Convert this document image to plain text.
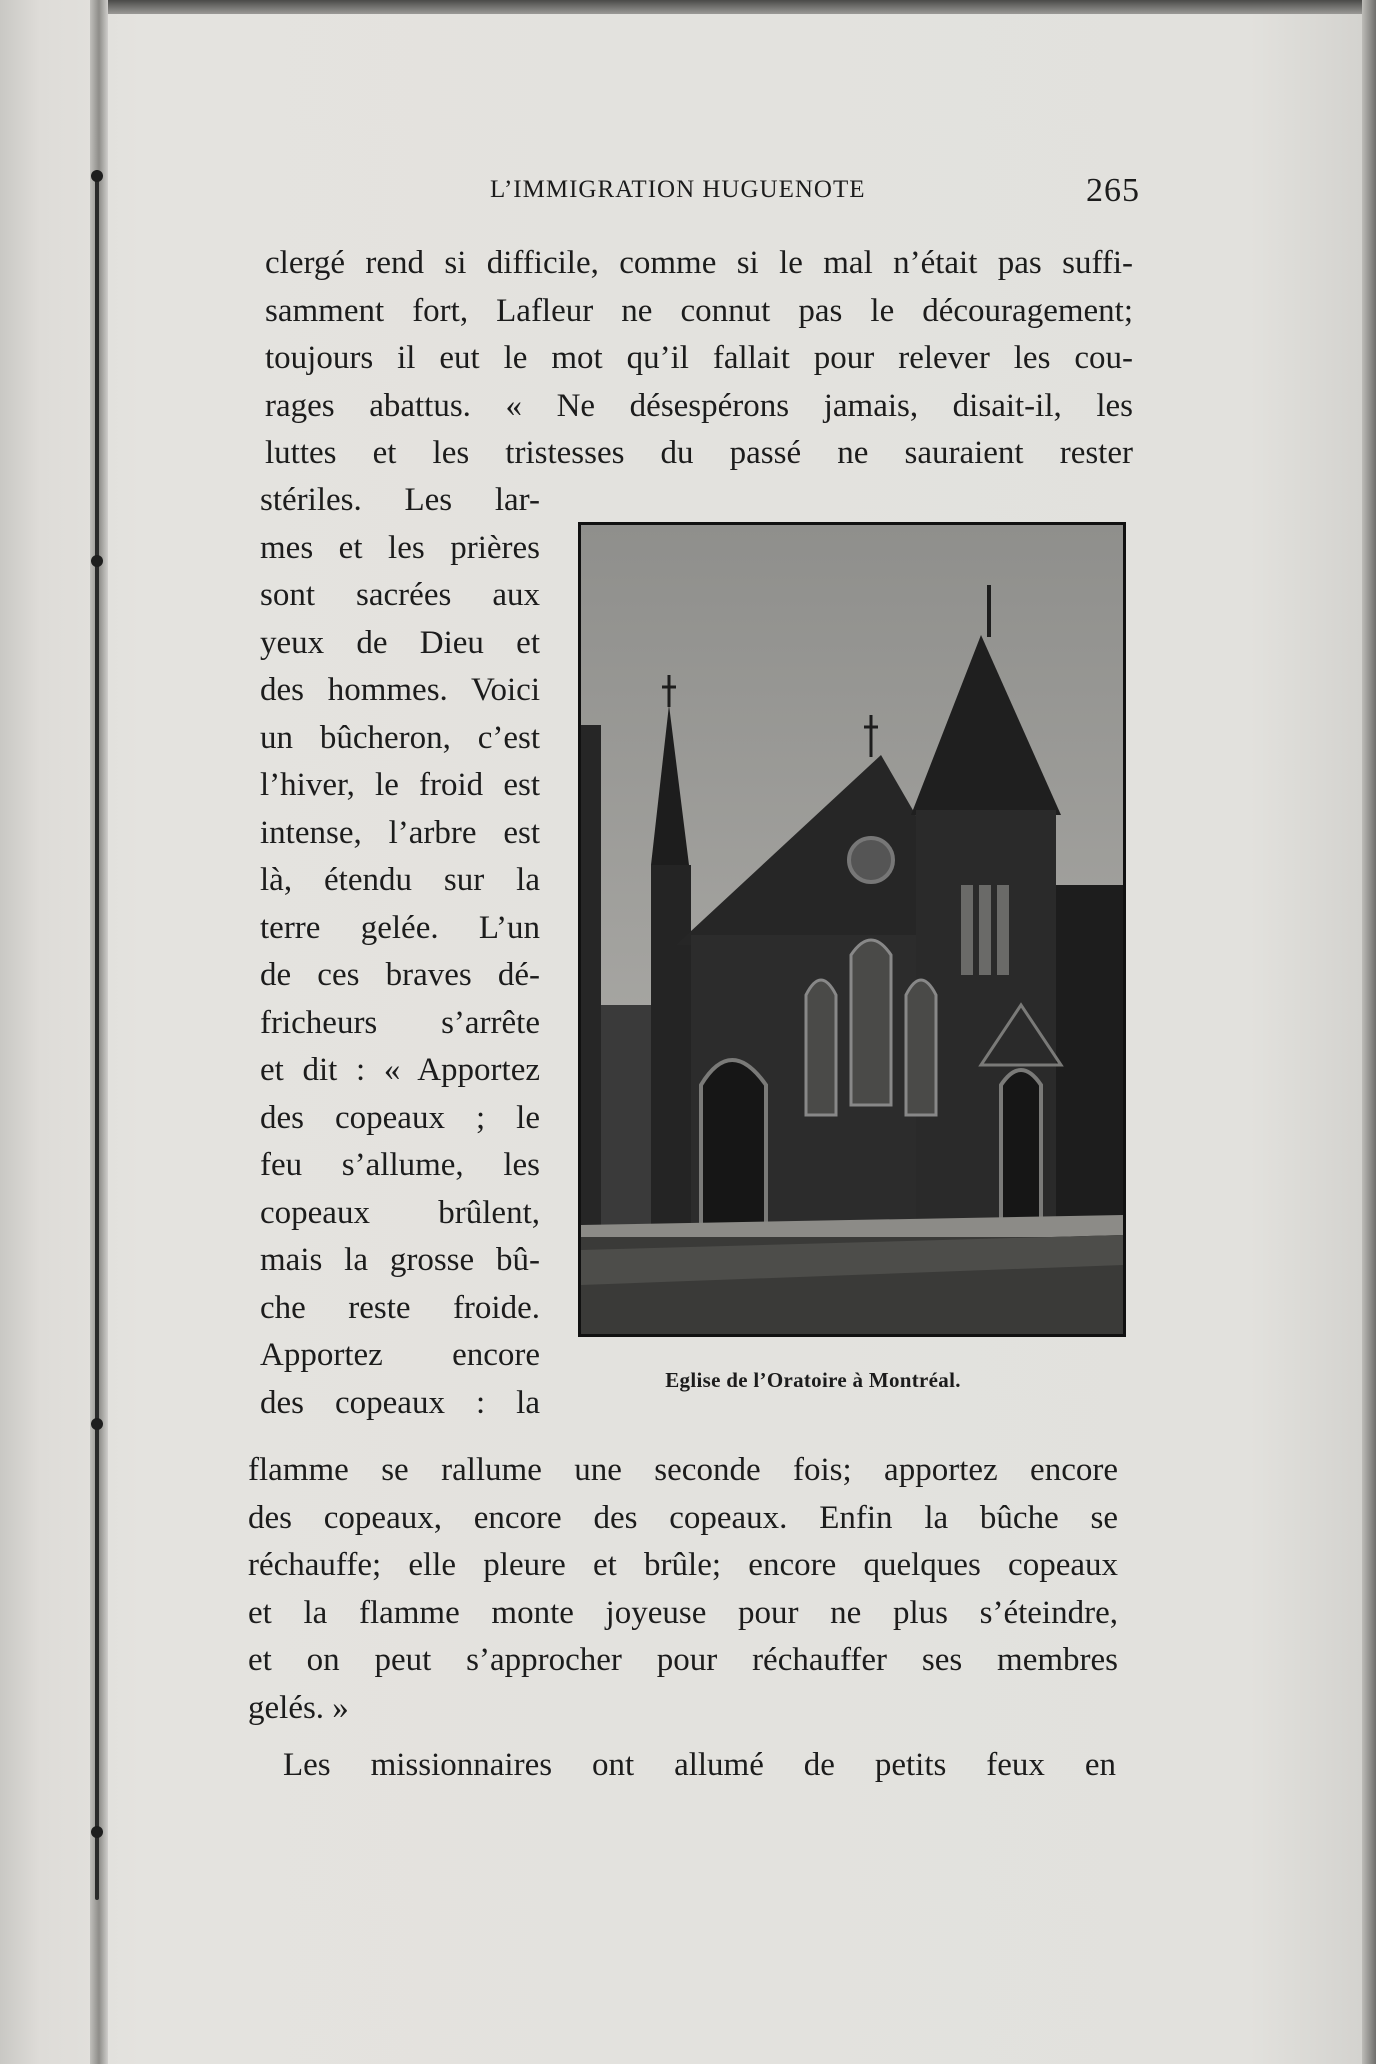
L’IMMIGRATION HUGUENOTE	265
clergé rend si difficile, comme si le mal n’était pas suffi-
samment fort, Lafleur ne connut pas le découragement;
toujours il eut le mot qu’il fallait pour relever les cou-
rages abattus. « Ne désespérons jamais, disait-il, les
luttes et les tristesses du passé ne sauraient rester
stériles. Les lar-
mes et les prières
sont sacrées aux
yeux de Dieu et
des hommes. Voici
un bûcheron, c’est
l’hiver, le froid est
intense, l’arbre est
là, étendu sur la
terre gelée. L’un
de ces braves dé-
fricheurs s’arrête
et dit : « Apportez
des copeaux ; le
feu s’allume, les
copeaux brûlent,
mais la grosse bû-
che reste froide.
Apportez encore
des copeaux : la
Eglise de l’Oratoire à Montréal.
flamme se rallume une seconde fois; apportez encore
des copeaux, encore des copeaux. Enfin la bûche se
réchauffe; elle pleure et brûle; encore quelques copeaux
et la flamme monte joyeuse pour ne plus s’éteindre,
et on peut s’approcher pour réchauffer ses membres
gelés. »
Les missionnaires ont allumé de petits feux en
